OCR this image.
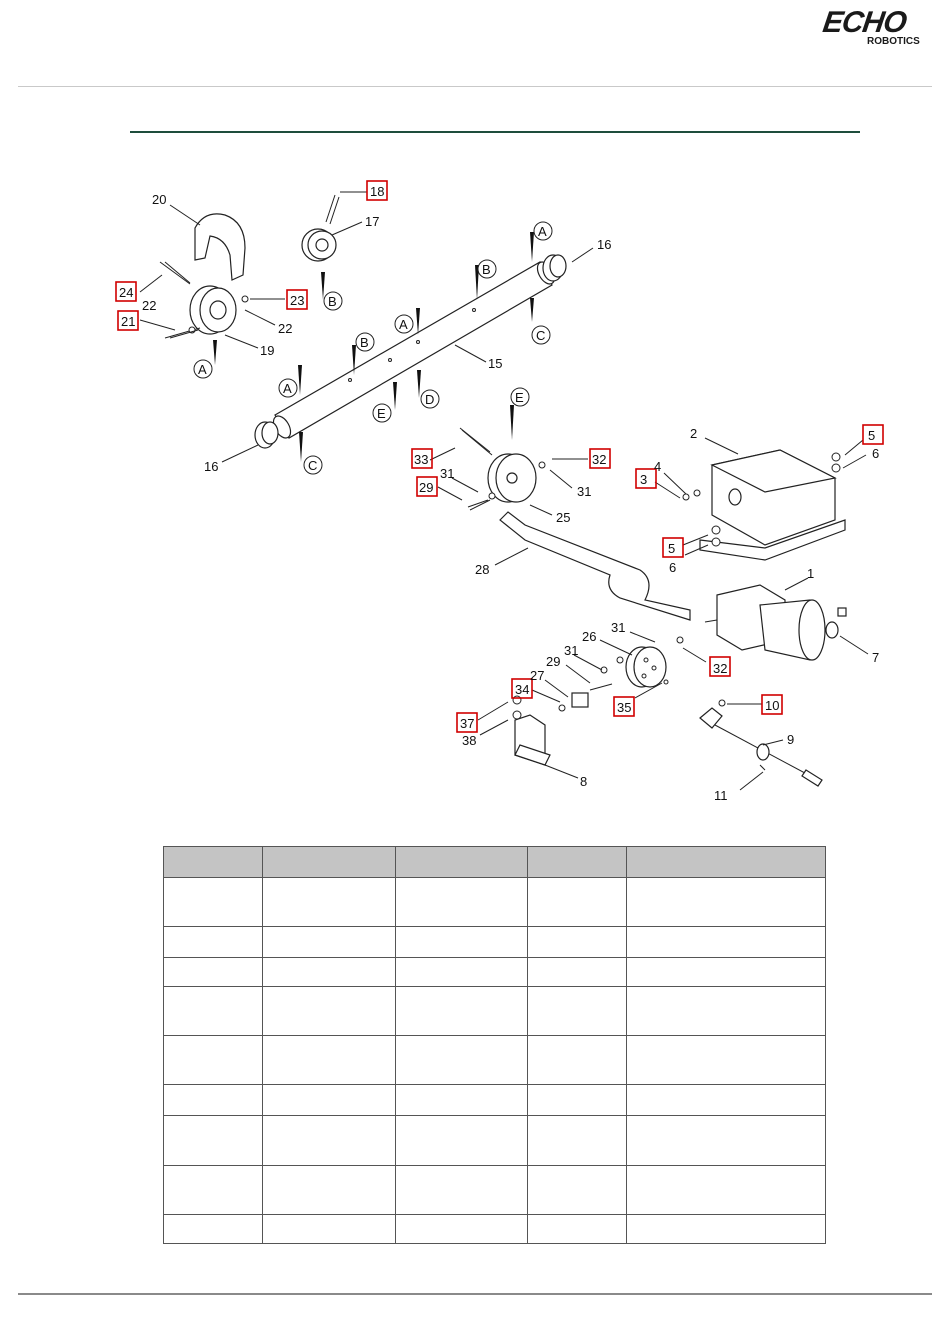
ECHO
ROBOTICS
20
18
17
16
24
22	23
22
21
19
15
16
2	5
6
4
3
33	32
31
29	31
25
5
6
28	1
7
26
31
31
29	32
34
27
35
37
38
10
9
8
11
A
B
C
B
A
C
A
B
A
E
D	E
